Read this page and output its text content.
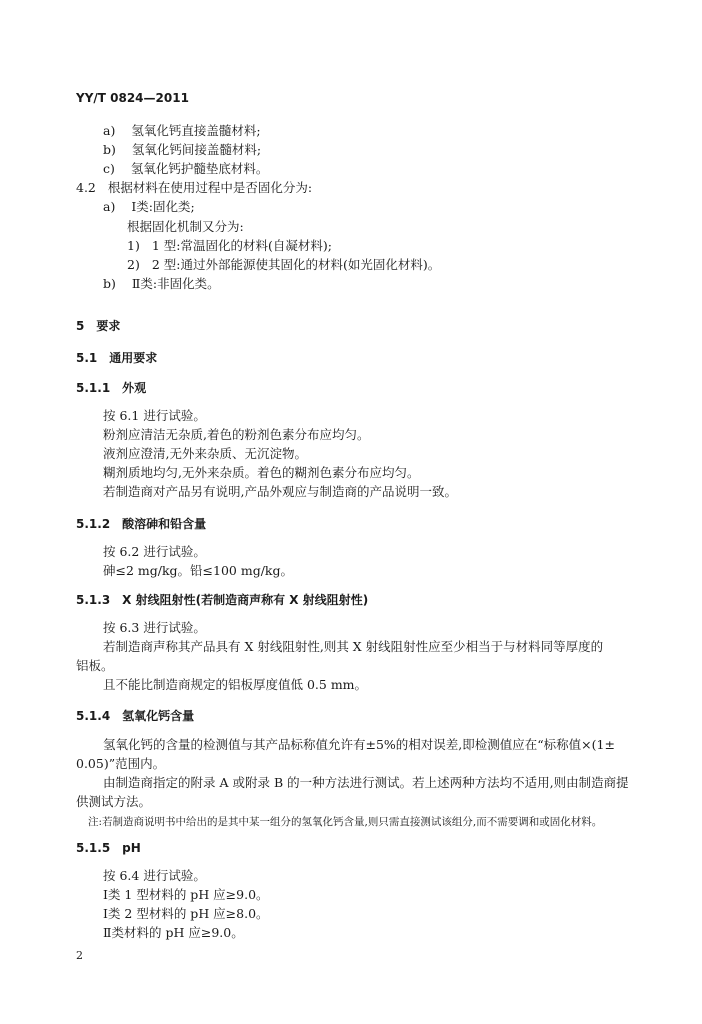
YY/T 0824—2011
a) 氢氧化钙直接盖髓材料;
b) 氢氧化钙间接盖髓材料;
c) 氢氧化钙护髓垫底材料。
4.2 根据材料在使用过程中是否固化分为:
a) Ⅰ类:固化类;
根据固化机制又分为:
1) 1 型:常温固化的材料(自凝材料);
2) 2 型:通过外部能源使其固化的材料(如光固化材料)。
b) Ⅱ类:非固化类。
5 要求
5.1 通用要求
5.1.1 外观
按 6.1 进行试验。
粉剂应清洁无杂质,着色的粉剂色素分布应均匀。
液剂应澄清,无外来杂质、无沉淀物。
糊剂质地均匀,无外来杂质。着色的糊剂色素分布应均匀。
若制造商对产品另有说明,产品外观应与制造商的产品说明一致。
5.1.2 酸溶砷和铅含量
按 6.2 进行试验。
砷≤2 mg/kg。铅≤100 mg/kg。
5.1.3 X 射线阻射性(若制造商声称有 X 射线阻射性)
按 6.3 进行试验。
若制造商声称其产品具有 X 射线阻射性,则其 X 射线阻射性应至少相当于与材料同等厚度的
铝板。
且不能比制造商规定的铝板厚度值低 0.5 mm。
5.1.4 氢氧化钙含量
氢氧化钙的含量的检测值与其产品标称值允许有±5%的相对误差,即检测值应在“标称值×(1±
0.05)”范围内。
由制造商指定的附录 A 或附录 B 的一种方法进行测试。若上述两种方法均不适用,则由制造商提
供测试方法。
注:若制造商说明书中给出的是其中某一组分的氢氧化钙含量,则只需直接测试该组分,而不需要调和或固化材料。
5.1.5 pH
按 6.4 进行试验。
Ⅰ类 1 型材料的 pH 应≥9.0。
Ⅰ类 2 型材料的 pH 应≥8.0。
Ⅱ类材料的 pH 应≥9.0。
2
